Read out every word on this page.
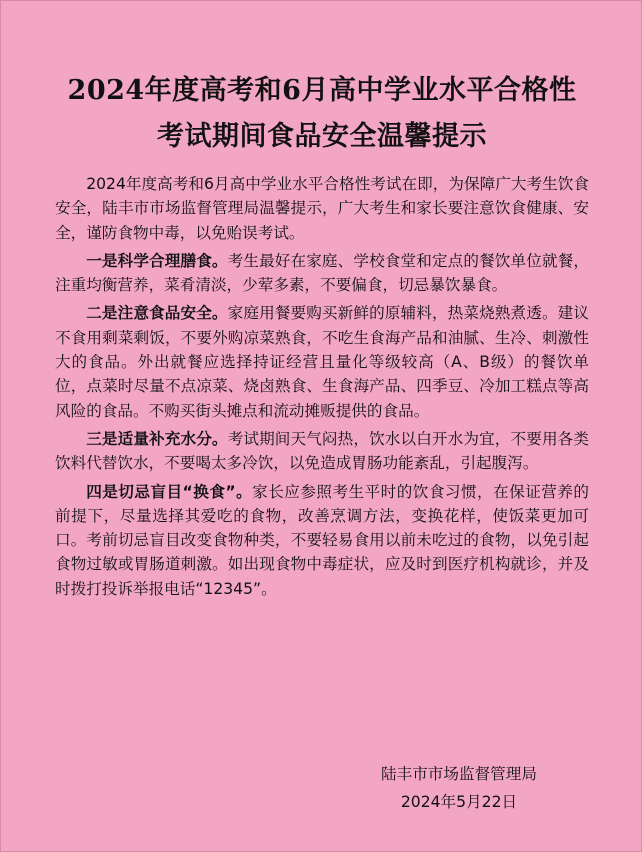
2024年度高考和6月高中学业水平合格性
考试期间食品安全温馨提示

2024年度高考和6月高中学业水平合格性考试在即，为保障广大考生饮食安全，陆丰市市场监督管理局温馨提示，广大考生和家长要注意饮食健康、安全，谨防食物中毒，以免贻误考试。

一是科学合理膳食。考生最好在家庭、学校食堂和定点的餐饮单位就餐，注重均衡营养，菜肴清淡，少荤多素，不要偏食，切忌暴饮暴食。

二是注意食品安全。家庭用餐要购买新鲜的原辅料，热菜烧熟煮透。建议不食用剩菜剩饭，不要外购凉菜熟食，不吃生食海产品和油腻、生冷、刺激性大的食品。外出就餐应选择持证经营且量化等级较高（A、B级）的餐饮单位，点菜时尽量不点凉菜、烧卤熟食、生食海产品、四季豆、冷加工糕点等高风险的食品。不购买街头摊点和流动摊贩提供的食品。

三是适量补充水分。考试期间天气闷热，饮水以白开水为宜，不要用各类饮料代替饮水，不要喝太多冷饮，以免造成胃肠功能紊乱，引起腹泻。

四是切忌盲目“换食”。家长应参照考生平时的饮食习惯，在保证营养的前提下，尽量选择其爱吃的食物，改善烹调方法，变换花样，使饭菜更加可口。考前切忌盲目改变食物种类，不要轻易食用以前未吃过的食物，以免引起食物过敏或胃肠道刺激。如出现食物中毒症状，应及时到医疗机构就诊，并及时拨打投诉举报电话“12345”。

陆丰市市场监督管理局
2024年5月22日
